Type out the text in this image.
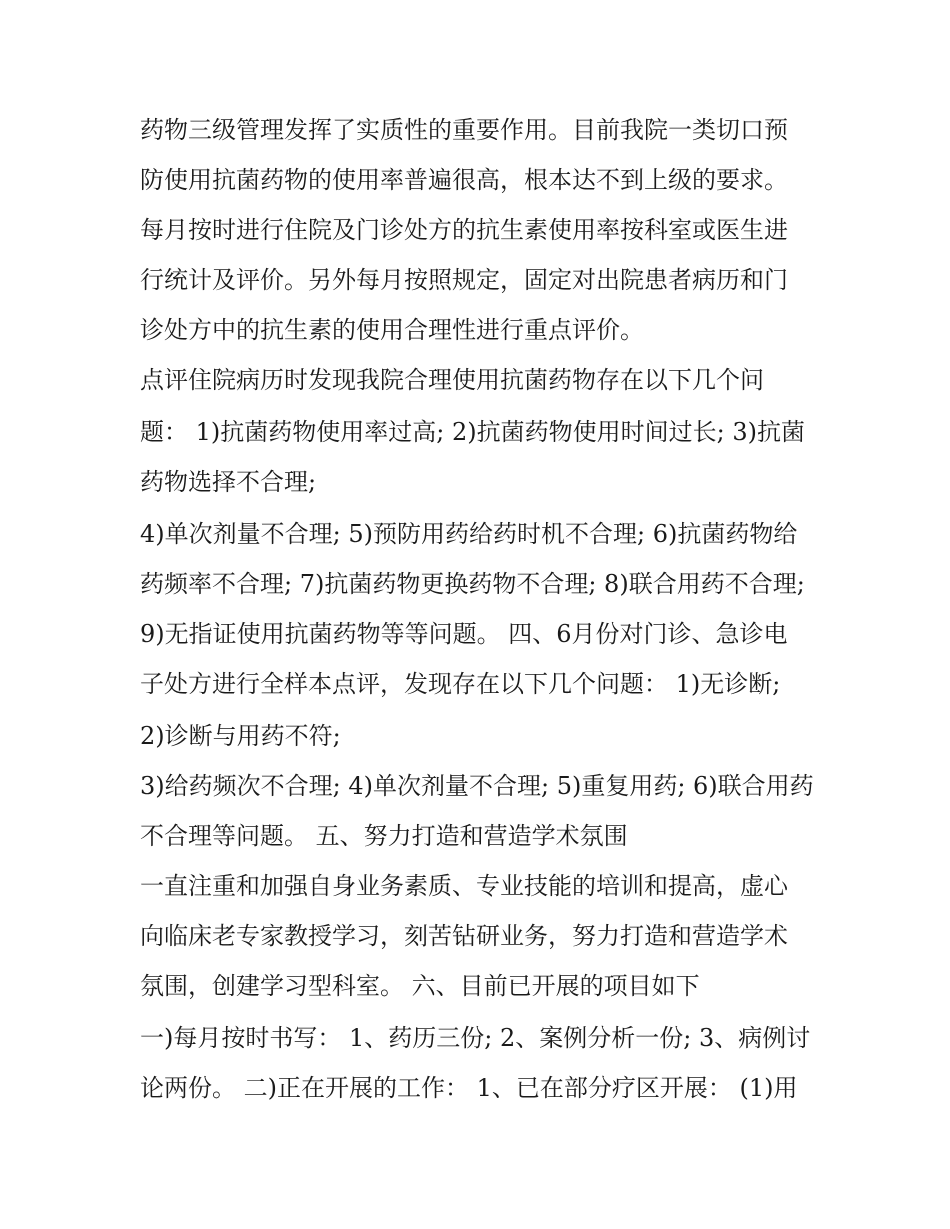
药物三级管理发挥了实质性的重要作用。目前我院一类切口预
防使用抗菌药物的使用率普遍很高，根本达不到上级的要求。
每月按时进行住院及门诊处方的抗生素使用率按科室或医生进
行统计及评价。另外每月按照规定，固定对出院患者病历和门
诊处方中的抗生素的使用合理性进行重点评价。
点评住院病历时发现我院合理使用抗菌药物存在以下几个问
题： 1)抗菌药物使用率过高; 2)抗菌药物使用时间过长; 3)抗菌
药物选择不合理;
4)单次剂量不合理; 5)预防用药给药时机不合理; 6)抗菌药物给
药频率不合理; 7)抗菌药物更换药物不合理; 8)联合用药不合理;
9)无指证使用抗菌药物等等问题。 四、6月份对门诊、急诊电
子处方进行全样本点评，发现存在以下几个问题： 1)无诊断;
2)诊断与用药不符;
3)给药频次不合理; 4)单次剂量不合理; 5)重复用药; 6)联合用药
不合理等问题。 五、努力打造和营造学术氛围
一直注重和加强自身业务素质、专业技能的培训和提高，虚心
向临床老专家教授学习，刻苦钻研业务，努力打造和营造学术
氛围，创建学习型科室。 六、目前已开展的项目如下
一)每月按时书写： 1、药历三份; 2、案例分析一份; 3、病例讨
论两份。 二)正在开展的工作： 1、已在部分疗区开展： (1)用
